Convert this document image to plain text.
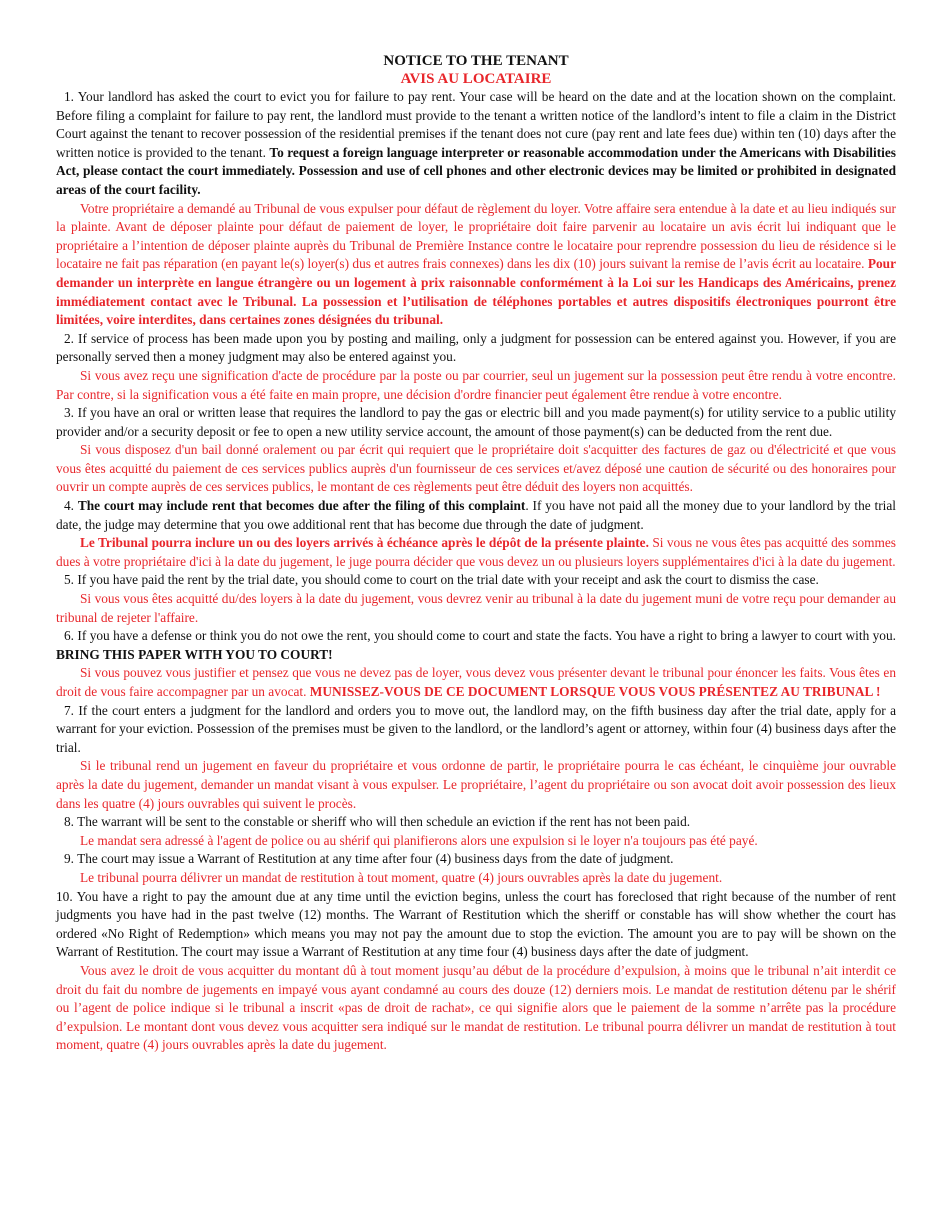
NOTICE TO THE TENANT
AVIS AU LOCATAIRE

1. Your landlord has asked the court to evict you for failure to pay rent. Your case will be heard on the date and at the location shown on the complaint. Before filing a complaint for failure to pay rent, the landlord must provide to the tenant a written notice of the landlord’s intent to file a claim in the District Court against the tenant to recover possession of the residential premises if the tenant does not cure (pay rent and late fees due) within ten (10) days after the written notice is provided to the tenant. To request a foreign language interpreter or reasonable accommodation under the Americans with Disabilities Act, please contact the court immediately. Possession and use of cell phones and other electronic devices may be limited or prohibited in designated areas of the court facility.

Votre propriétaire a demandé au Tribunal de vous expulser pour défaut de règlement du loyer. Votre affaire sera entendue à la date et au lieu indiqués sur la plainte. Avant de déposer plainte pour défaut de paiement de loyer, le propriétaire doit faire parvenir au locataire un avis écrit lui indiquant que le propriétaire a l’intention de déposer plainte auprès du Tribunal de Première Instance contre le locataire pour reprendre possession du lieu de résidence si le locataire ne fait pas réparation (en payant le(s) loyer(s) dus et autres frais connexes) dans les dix (10) jours suivant la remise de l’avis écrit au locataire. Pour demander un interprète en langue étrangère ou un logement à prix raisonnable conformément à la Loi sur les Handicaps des Américains, prenez immédiatement contact avec le Tribunal. La possession et l’utilisation de téléphones portables et autres dispositifs électroniques pourront être limitées, voire interdites, dans certaines zones désignées du tribunal.

2. If service of process has been made upon you by posting and mailing, only a judgment for possession can be entered against you. However, if you are personally served then a money judgment may also be entered against you.

Si vous avez reçu une signification d'acte de procédure par la poste ou par courrier, seul un jugement sur la possession peut être rendu à votre encontre. Par contre, si la signification vous a été faite en main propre, une décision d'ordre financier peut également être rendue à votre encontre.

3. If you have an oral or written lease that requires the landlord to pay the gas or electric bill and you made payment(s) for utility service to a public utility provider and/or a security deposit or fee to open a new utility service account, the amount of those payment(s) can be deducted from the rent due.

Si vous disposez d'un bail donné oralement ou par écrit qui requiert que le propriétaire doit s'acquitter des factures de gaz ou d'électricité et que vous vous êtes acquitté du paiement de ces services publics auprès d'un fournisseur de ces services et/avez déposé une caution de sécurité ou des honoraires pour ouvrir un compte auprès de ces services publics, le montant de ces règlements peut être déduit des loyers non acquittés.

4. The court may include rent that becomes due after the filing of this complaint. If you have not paid all the money due to your landlord by the trial date, the judge may determine that you owe additional rent that has become due through the date of judgment.

Le Tribunal pourra inclure un ou des loyers arrivés à échéance après le dépôt de la présente plainte. Si vous ne vous êtes pas acquitté des sommes dues à votre propriétaire d'ici à la date du jugement, le juge pourra décider que vous devez un ou plusieurs loyers supplémentaires d'ici à la date du jugement.

5. If you have paid the rent by the trial date, you should come to court on the trial date with your receipt and ask the court to dismiss the case.

Si vous vous êtes acquitté du/des loyers à la date du jugement, vous devrez venir au tribunal à la date du jugement muni de votre reçu pour demander au tribunal de rejeter l'affaire.

6. If you have a defense or think you do not owe the rent, you should come to court and state the facts. You have a right to bring a lawyer to court with you. BRING THIS PAPER WITH YOU TO COURT!

Si vous pouvez vous justifier et pensez que vous ne devez pas de loyer, vous devez vous présenter devant le tribunal pour énoncer les faits. Vous êtes en droit de vous faire accompagner par un avocat. MUNISSEZ-VOUS DE CE DOCUMENT LORSQUE VOUS VOUS PRÉSENTEZ AU TRIBUNAL !

7. If the court enters a judgment for the landlord and orders you to move out, the landlord may, on the fifth business day after the trial date, apply for a warrant for your eviction. Possession of the premises must be given to the landlord, or the landlord’s agent or attorney, within four (4) business days after the trial.

Si le tribunal rend un jugement en faveur du propriétaire et vous ordonne de partir, le propriétaire pourra le cas échéant, le cinquième jour ouvrable après la date du jugement, demander un mandat visant à vous expulser. Le propriétaire, l’agent du propriétaire ou son avocat doit avoir possession des lieux dans les quatre (4) jours ouvrables qui suivent le procès.

8. The warrant will be sent to the constable or sheriff who will then schedule an eviction if the rent has not been paid.

Le mandat sera adressé à l'agent de police ou au shérif qui planifierons alors une expulsion si le loyer n'a toujours pas été payé.

9. The court may issue a Warrant of Restitution at any time after four (4) business days from the date of judgment.

Le tribunal pourra délivrer un mandat de restitution à tout moment, quatre (4) jours ouvrables après la date du jugement.

10. You have a right to pay the amount due at any time until the eviction begins, unless the court has foreclosed that right because of the number of rent judgments you have had in the past twelve (12) months. The Warrant of Restitution which the sheriff or constable has will show whether the court has ordered «No Right of Redemption» which means you may not pay the amount due to stop the eviction. The amount you are to pay will be shown on the Warrant of Restitution. The court may issue a Warrant of Restitution at any time four (4) business days after the date of judgment.

Vous avez le droit de vous acquitter du montant dû à tout moment jusqu’au début de la procédure d’expulsion, à moins que le tribunal n’ait interdit ce droit du fait du nombre de jugements en impayé vous ayant condamné au cours des douze (12) derniers mois. Le mandat de restitution détenu par le shérif ou l’agent de police indique si le tribunal a inscrit «pas de droit de rachat», ce qui signifie alors que le paiement de la somme n’arrête pas la procédure d’expulsion. Le montant dont vous devez vous acquitter sera indiqué sur le mandat de restitution. Le tribunal pourra délivrer un mandat de restitution à tout moment, quatre (4) jours ouvrables après la date du jugement.
